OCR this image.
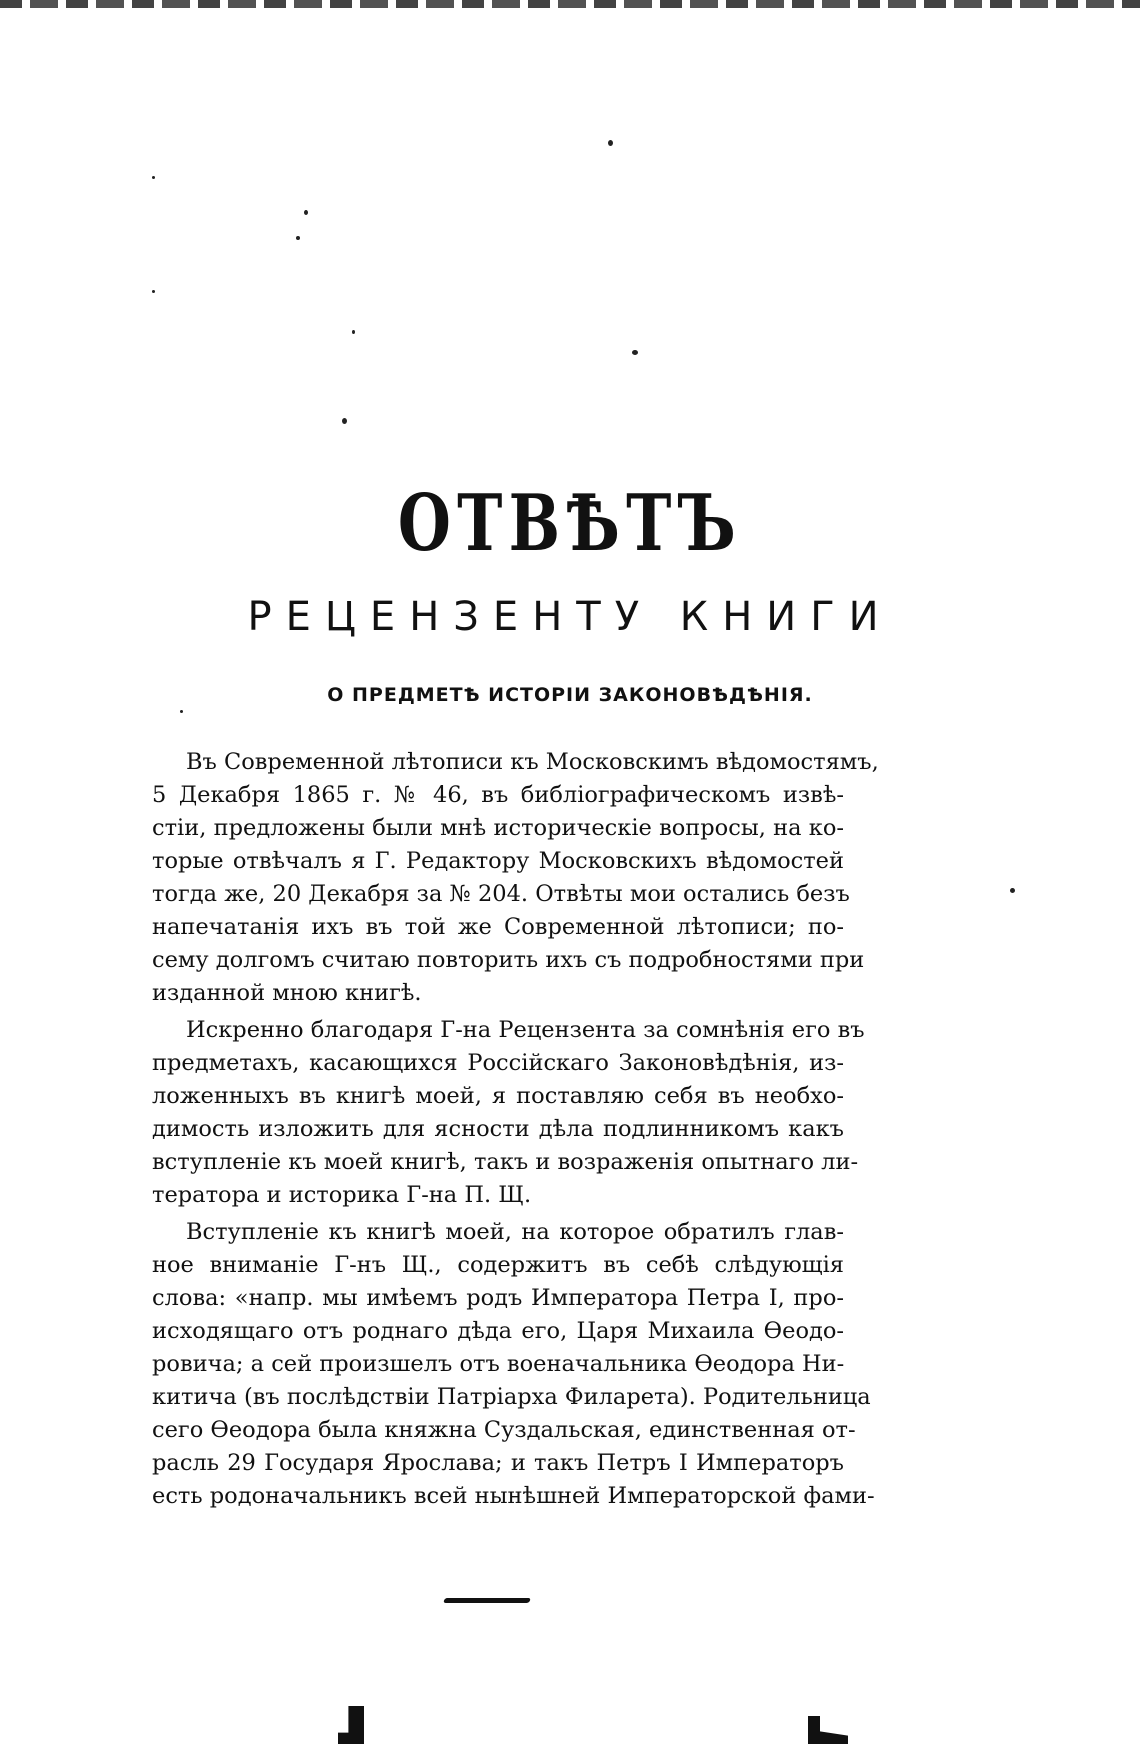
ОТВѢТЪ
РЕЦЕНЗЕНТУ КНИГИ
О ПРЕДМЕТѢ ИСТОРІИ ЗАКОНОВѢДѢНІЯ.
Въ Современной лѣтописи къ Московскимъ вѣдомостямъ,
5 Декабря 1865 г. № 46, въ библіографическомъ извѣ-
стіи, предложены были мнѣ историческіе вопросы, на ко-
торые отвѣчалъ я Г. Редактору Московскихъ вѣдомостей
тогда же, 20 Декабря за № 204. Отвѣты мои остались безъ
напечатанія ихъ въ той же Современной лѣтописи; по-
сему долгомъ считаю повторить ихъ съ подробностями при
изданной мною книгѣ.
Искренно благодаря Г-на Рецензента за сомнѣнія его въ
предметахъ, касающихся Россійскаго Законовѣдѣнія, из-
ложенныхъ въ книгѣ моей, я поставляю себя въ необхо-
димость изложить для ясности дѣла подлинникомъ какъ
вступленіе къ моей книгѣ, такъ и возраженія опытнаго ли-
тератора и историка Г-на П. Щ.
Вступленіе къ книгѣ моей, на которое обратилъ глав-
ное вниманіе Г-нъ Щ., содержитъ въ себѣ слѣдующія
слова: «напр. мы имѣемъ родъ Императора Петра I, про-
исходящаго отъ роднаго дѣда его, Царя Михаила Ѳеодо-
ровича; а сей произшелъ отъ военачальника Ѳеодора Ни-
китича (въ послѣдствіи Патріарха Филарета). Родительница
сего Ѳеодора была княжна Суздальская, единственная от-
расль 29 Государя Ярослава; и такъ Петръ I Императоръ
есть родоначальникъ всей нынѣшней Императорской фами-
